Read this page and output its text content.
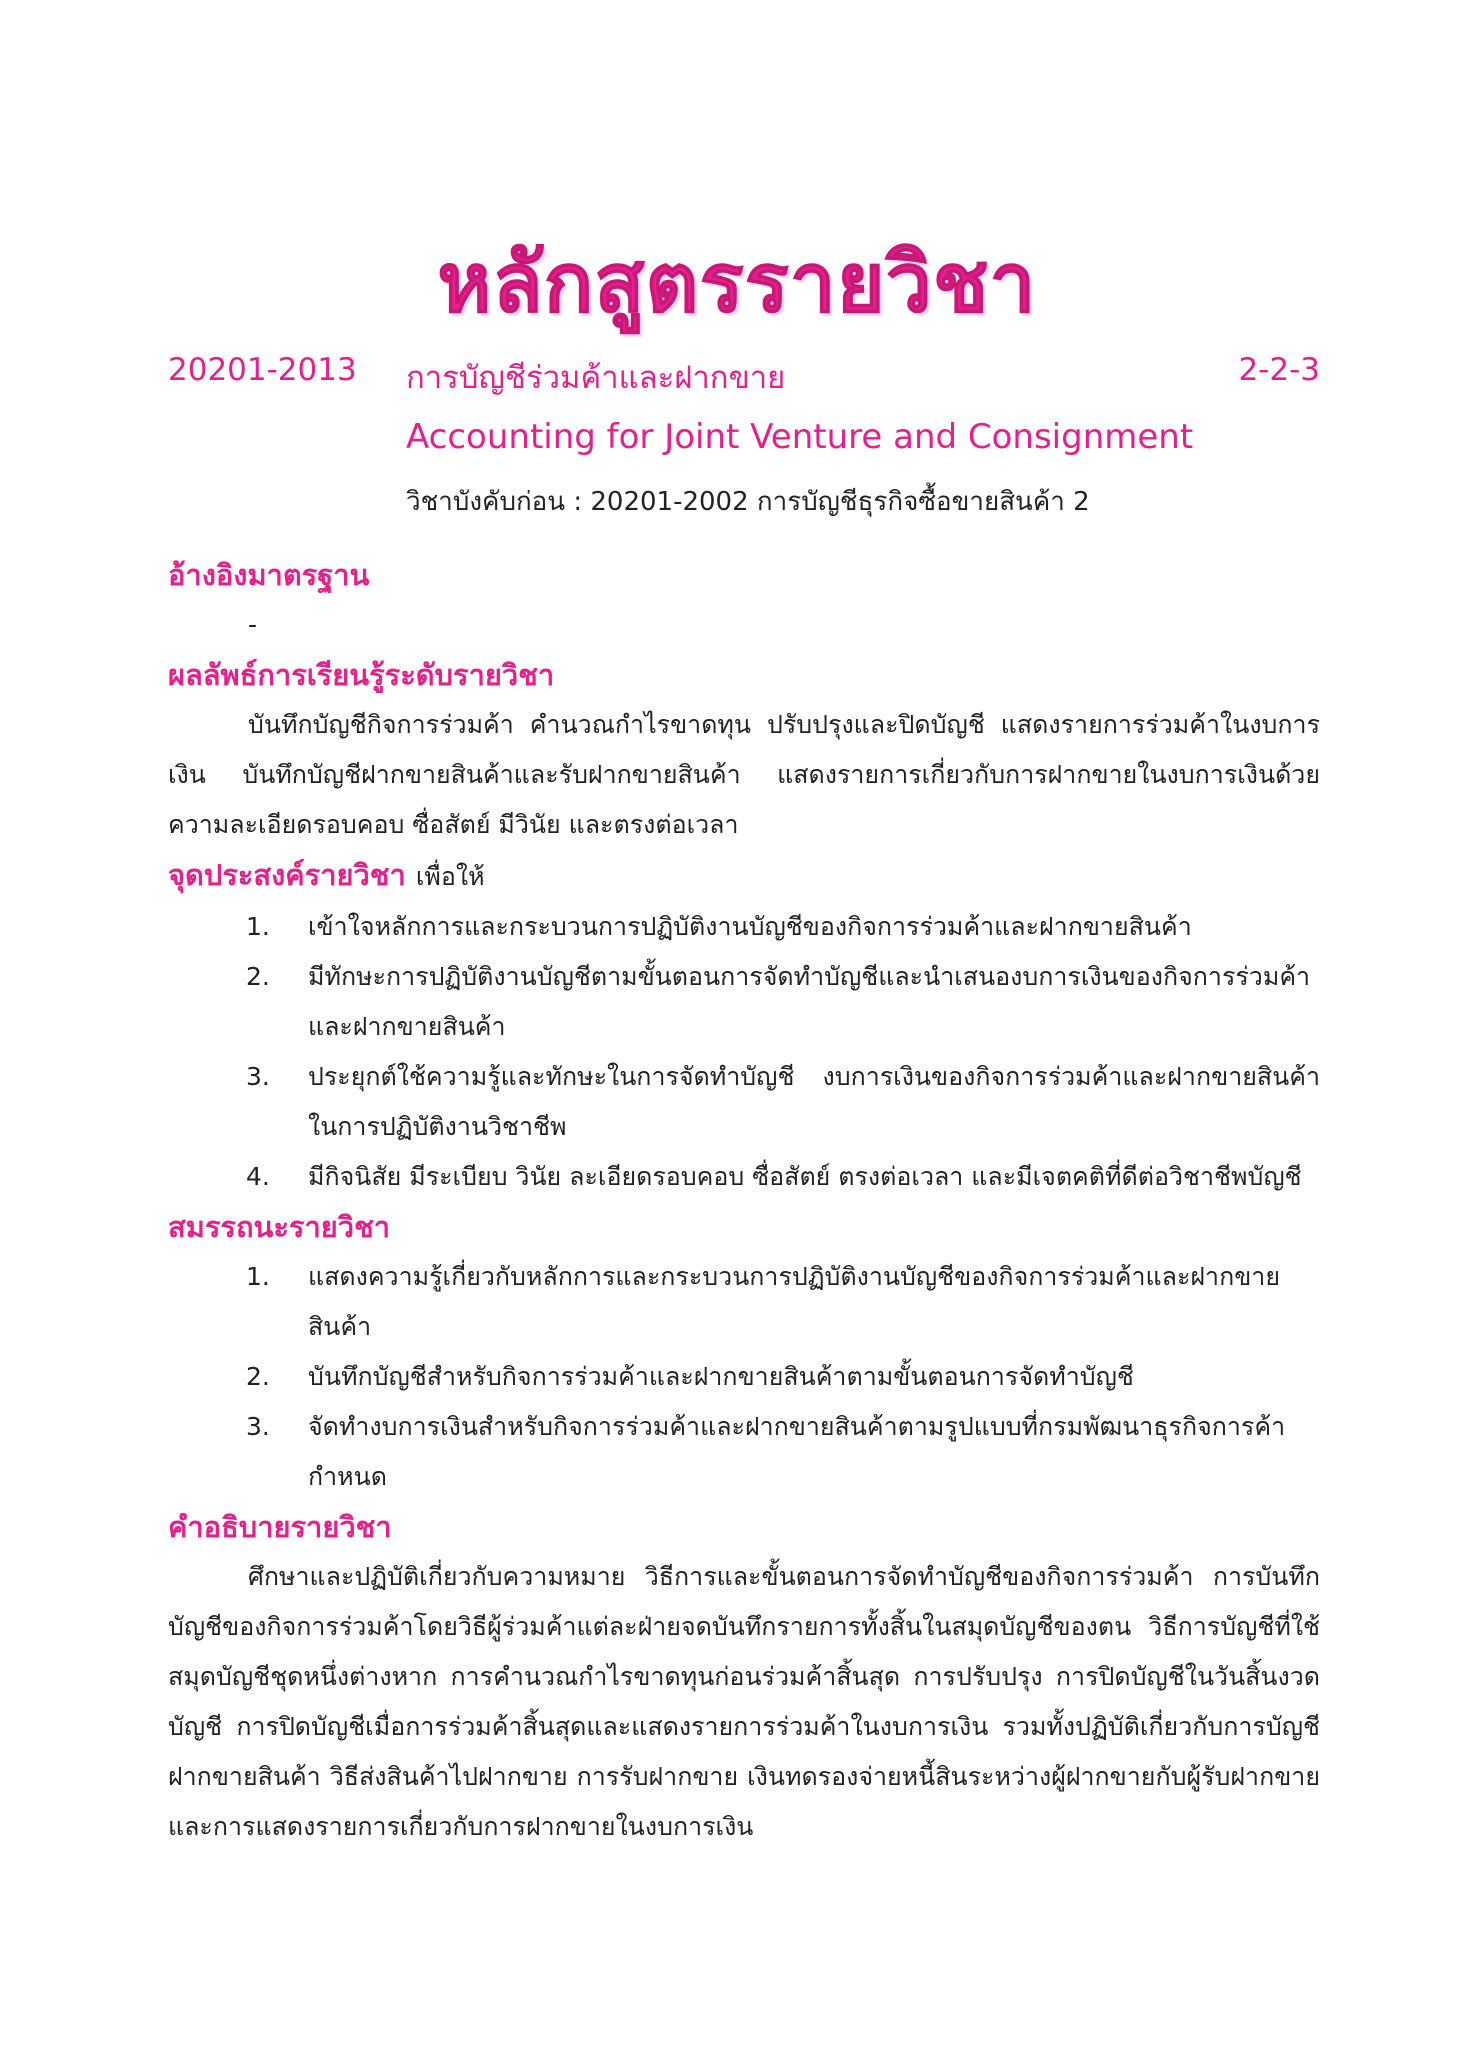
หลักสูตรรายวิชา
20201-2013 การบัญชีร่วมค้าและฝากขาย	2-2-3
Accounting for Joint Venture and Consignment
วิชาบังคับก่อน : 20201-2002 การบัญชีธุรกิจซื้อขายสินค้า 2
อ้างอิงมาตรฐาน
-
ผลลัพธ์การเรียนรู้ระดับรายวิชา
บันทึกบัญชีกิจการร่วมค้า คำนวณกำไรขาดทุน ปรับปรุงและปิดบัญชี แสดงรายการร่วมค้าในงบการเงิน บันทึกบัญชีฝากขายสินค้าและรับฝากขายสินค้า แสดงรายการเกี่ยวกับการฝากขายในงบการเงินด้วยความละเอียดรอบคอบ ซื่อสัตย์ มีวินัย และตรงต่อเวลา
จุดประสงค์รายวิชา เพื่อให้
1.	เข้าใจหลักการและกระบวนการปฏิบัติงานบัญชีของกิจการร่วมค้าและฝากขายสินค้า
2.	มีทักษะการปฏิบัติงานบัญชีตามขั้นตอนการจัดทำบัญชีและนำเสนองบการเงินของกิจการร่วมค้าและฝากขายสินค้า
3.	ประยุกต์ใช้ความรู้และทักษะในการจัดทำบัญชี งบการเงินของกิจการร่วมค้าและฝากขายสินค้า ในการปฏิบัติงานวิชาชีพ
4.	มีกิจนิสัย มีระเบียบ วินัย ละเอียดรอบคอบ ซื่อสัตย์ ตรงต่อเวลา และมีเจตคติที่ดีต่อวิชาชีพบัญชี
สมรรถนะรายวิชา
1.	แสดงความรู้เกี่ยวกับหลักการและกระบวนการปฏิบัติงานบัญชีของกิจการร่วมค้าและฝากขายสินค้า
2.	บันทึกบัญชีสำหรับกิจการร่วมค้าและฝากขายสินค้าตามขั้นตอนการจัดทำบัญชี
3.	จัดทำงบการเงินสำหรับกิจการร่วมค้าและฝากขายสินค้าตามรูปแบบที่กรมพัฒนาธุรกิจการค้ากำหนด
คำอธิบายรายวิชา
ศึกษาและปฏิบัติเกี่ยวกับความหมาย วิธีการและขั้นตอนการจัดทำบัญชีของกิจการร่วมค้า การบันทึกบัญชีของกิจการร่วมค้าโดยวิธีผู้ร่วมค้าแต่ละฝ่ายจดบันทึกรายการทั้งสิ้นในสมุดบัญชีของตน วิธีการบัญชีที่ใช้สมุดบัญชีชุดหนึ่งต่างหาก การคำนวณกำไรขาดทุนก่อนร่วมค้าสิ้นสุด การปรับปรุง การปิดบัญชีในวันสิ้นงวดบัญชี การปิดบัญชีเมื่อการร่วมค้าสิ้นสุดและแสดงรายการร่วมค้าในงบการเงิน รวมทั้งปฏิบัติเกี่ยวกับการบัญชีฝากขายสินค้า วิธีส่งสินค้าไปฝากขาย การรับฝากขาย เงินทดรองจ่ายหนี้สินระหว่างผู้ฝากขายกับผู้รับฝากขาย และการแสดงรายการเกี่ยวกับการฝากขายในงบการเงิน
